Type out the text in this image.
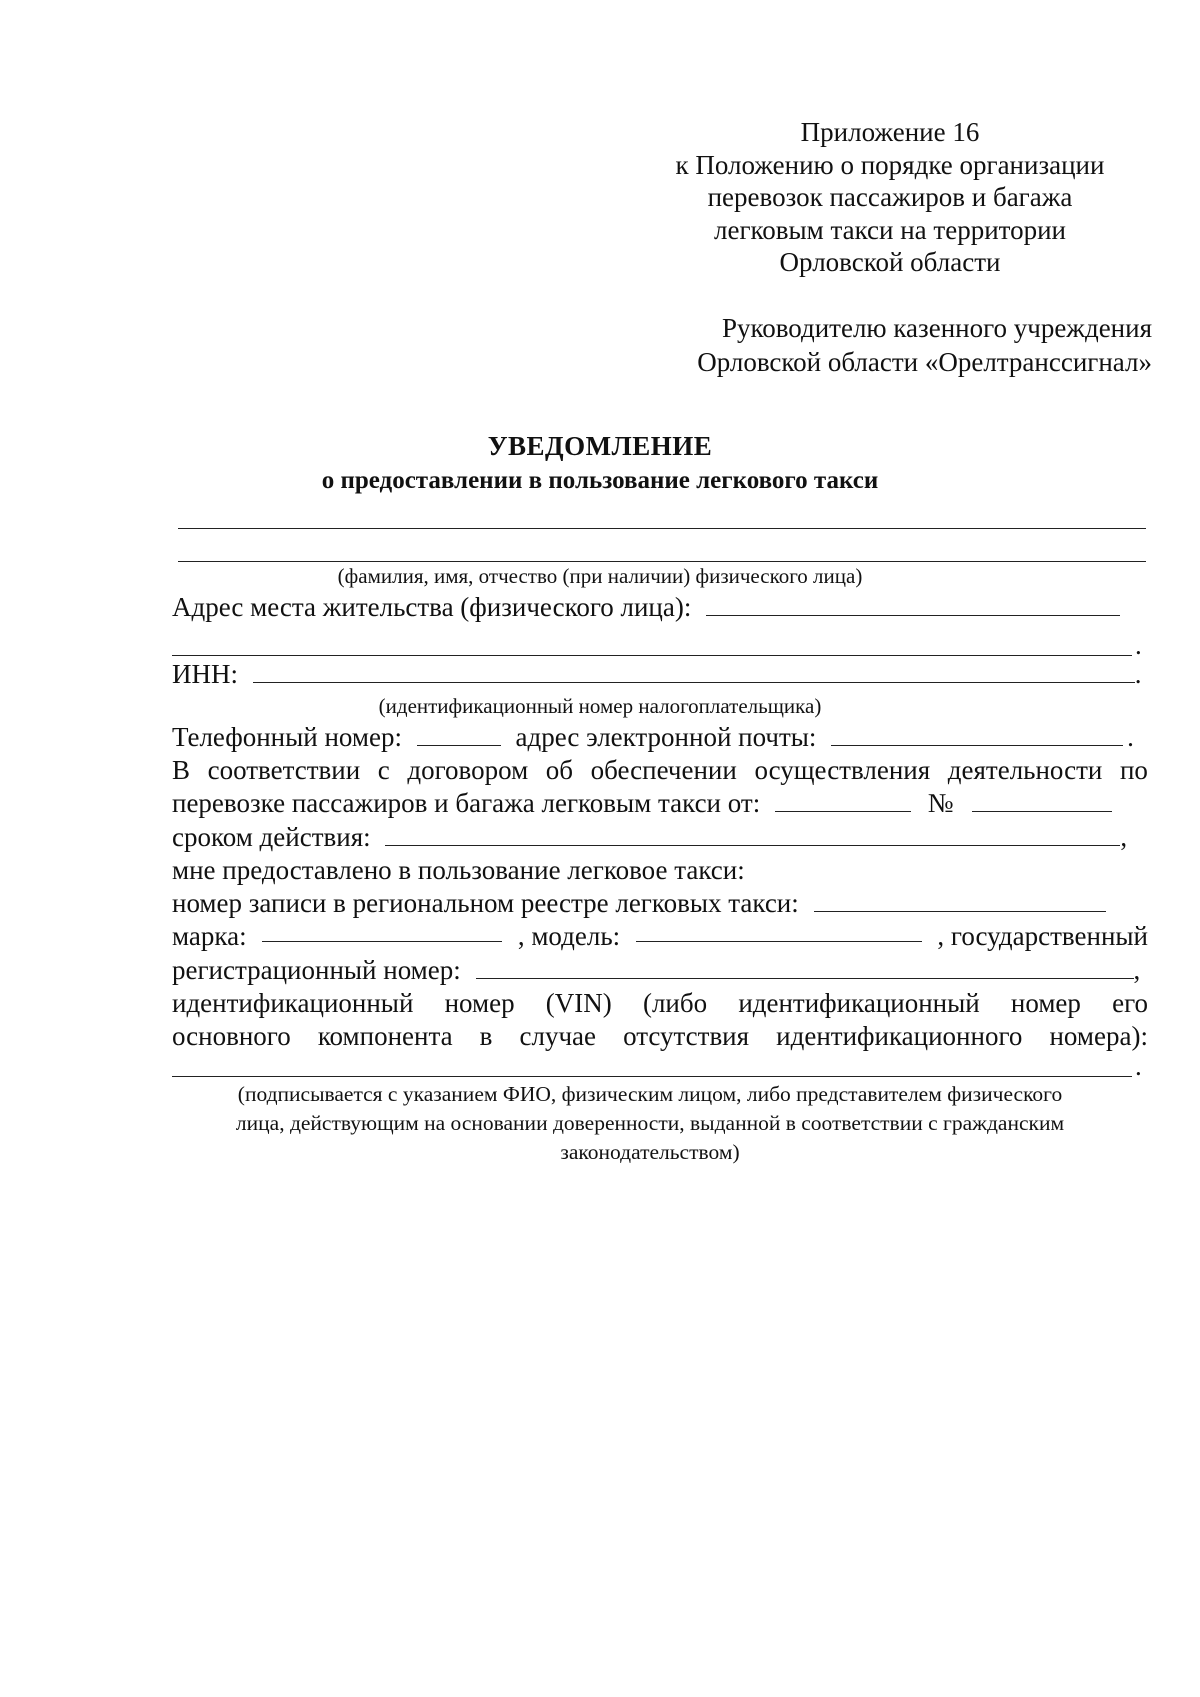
Приложение 16
к Положению о порядке организации
перевозок пассажиров и багажа
легковым такси на территории
Орловской области
Руководителю казенного учреждения
Орловской области «Орелтранссигнал»
УВЕДОМЛЕНИЕ
о предоставлении в пользование легкового такси
(фамилия, имя, отчество (при наличии) физического лица)
Адрес места жительства (физического лица):
.
ИНН:	.
(идентификационный номер налогоплательщика)
Телефонный номер:	адрес электронной почты:	.
В соответствии с договором об обеспечении осуществления деятельности по
перевозке пассажиров и багажа легковым такси от:	№
сроком действия:	,
мне предоставлено в пользование легковое такси:
номер записи в региональном реестре легковых такси:
марка:	, модель:	, государственный
регистрационный номер:	,
идентификационный номер (VIN) (либо идентификационный номер его
основного компонента в случае отсутствия идентификационного номера):
.
(подписывается с указанием ФИО, физическим лицом, либо представителем физического
лица, действующим на основании доверенности, выданной в соответствии с гражданским
законодательством)
